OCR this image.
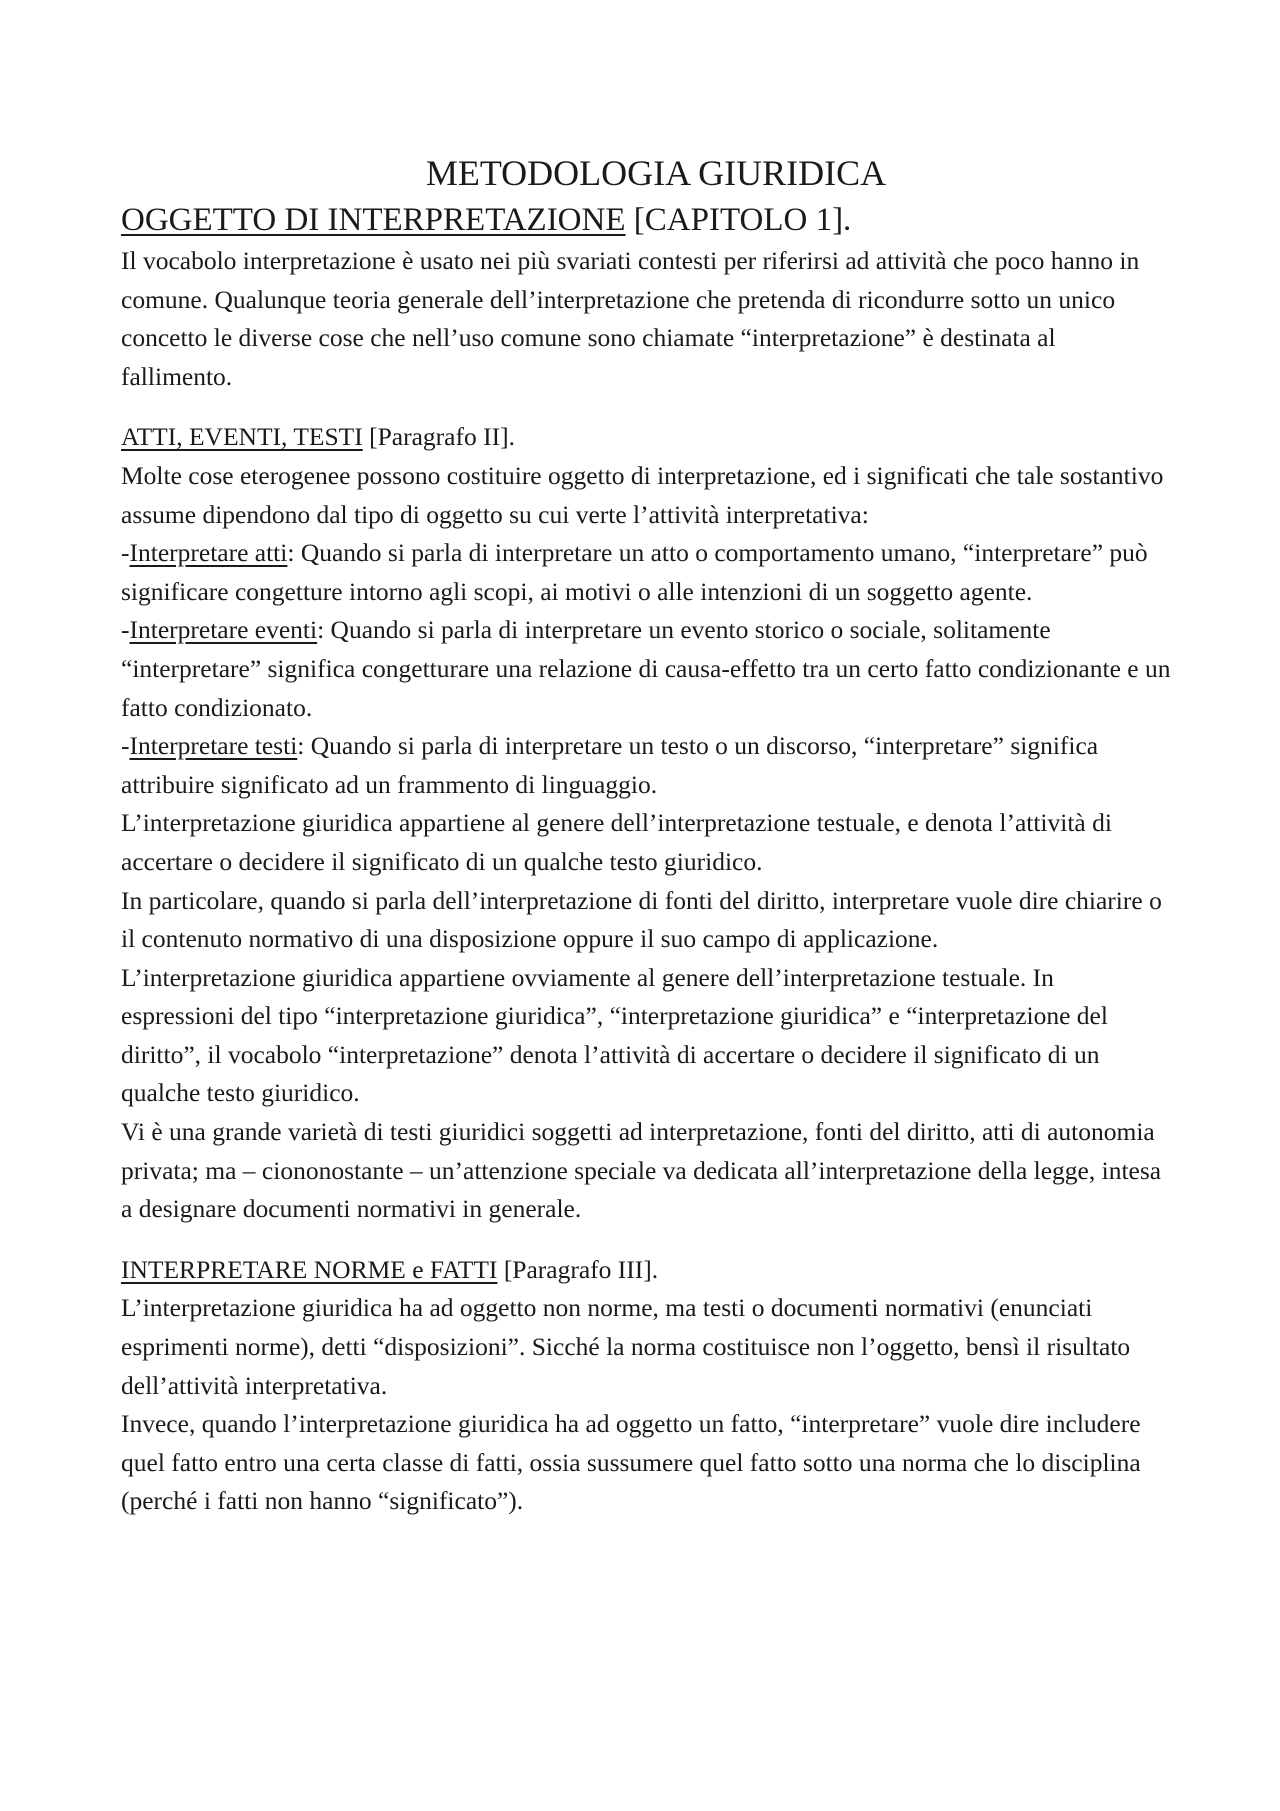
METODOLOGIA GIURIDICA
OGGETTO DI INTERPRETAZIONE [CAPITOLO 1].

Il vocabolo interpretazione è usato nei più svariati contesti per riferirsi ad attività che poco hanno in comune. Qualunque teoria generale dell’interpretazione che pretenda di ricondurre sotto un unico concetto le diverse cose che nell’uso comune sono chiamate “interpretazione” è destinata al fallimento.

ATTI, EVENTI, TESTI [Paragrafo II].

Molte cose eterogenee possono costituire oggetto di interpretazione, ed i significati che tale sostantivo assume dipendono dal tipo di oggetto su cui verte l’attività interpretativa:

-Interpretare atti: Quando si parla di interpretare un atto o comportamento umano, “interpretare” può significare congetture intorno agli scopi, ai motivi o alle intenzioni di un soggetto agente.

-Interpretare eventi: Quando si parla di interpretare un evento storico o sociale, solitamente “interpretare” significa congetturare una relazione di causa-effetto tra un certo fatto condizionante e un fatto condizionato.

-Interpretare testi: Quando si parla di interpretare un testo o un discorso, “interpretare” significa attribuire significato ad un frammento di linguaggio.

L’interpretazione giuridica appartiene al genere dell’interpretazione testuale, e denota l’attività di accertare o decidere il significato di un qualche testo giuridico.

In particolare, quando si parla dell’interpretazione di fonti del diritto, interpretare vuole dire chiarire o il contenuto normativo di una disposizione oppure il suo campo di applicazione.

L’interpretazione giuridica appartiene ovviamente al genere dell’interpretazione testuale. In espressioni del tipo “interpretazione giuridica”, “interpretazione giuridica” e “interpretazione del diritto”, il vocabolo “interpretazione” denota l’attività di accertare o decidere il significato di un qualche testo giuridico.

Vi è una grande varietà di testi giuridici soggetti ad interpretazione, fonti del diritto, atti di autonomia privata; ma – ciononostante – un’attenzione speciale va dedicata all’interpretazione della legge, intesa a designare documenti normativi in generale.

INTERPRETARE NORME e FATTI [Paragrafo III].

L’interpretazione giuridica ha ad oggetto non norme, ma testi o documenti normativi (enunciati esprimenti norme), detti “disposizioni”. Sicché la norma costituisce non l’oggetto, bensì il risultato dell’attività interpretativa.

Invece, quando l’interpretazione giuridica ha ad oggetto un fatto, “interpretare” vuole dire includere quel fatto entro una certa classe di fatti, ossia sussumere quel fatto sotto una norma che lo disciplina (perché i fatti non hanno “significato”).
